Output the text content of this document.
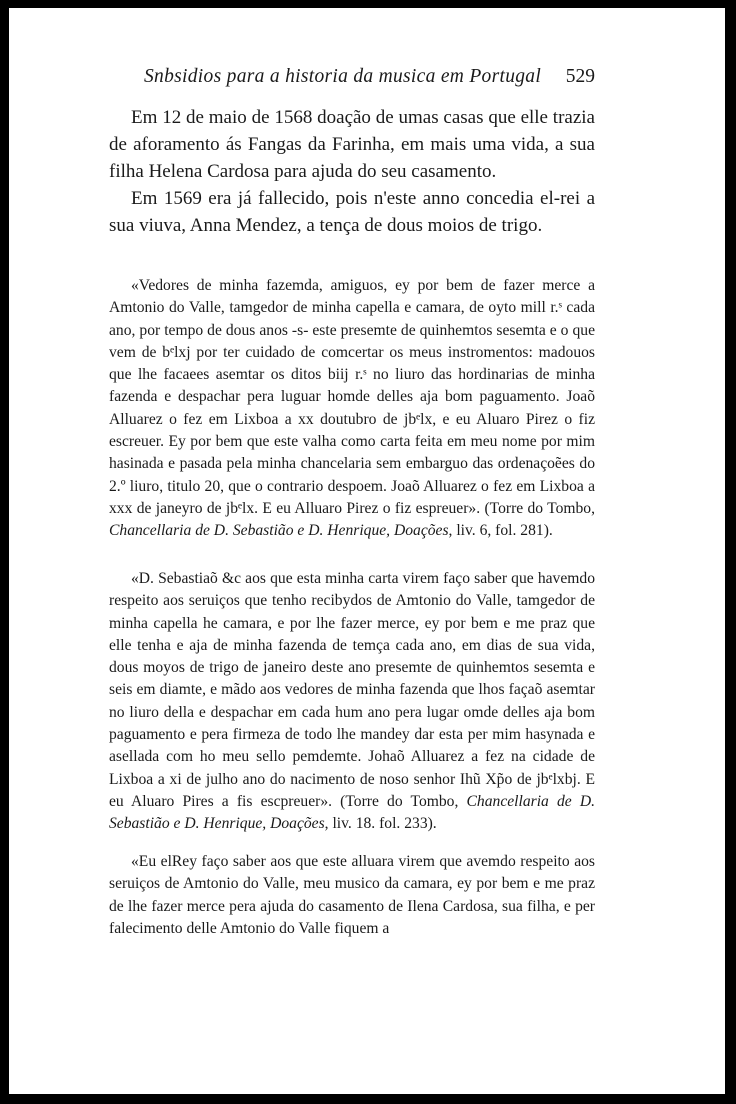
Snbsidios para a historia da musica em Portugal 529

Em 12 de maio de 1568 doação de umas casas que elle trazia de aforamento ás Fangas da Farinha, em mais uma vida, a sua filha Helena Cardosa para ajuda do seu casamento.

Em 1569 era já fallecido, pois n'este anno concedia el-rei a sua viuva, Anna Mendez, a tença de dous moios de trigo.

«Vedores de minha fazemda, amiguos, ey por bem de fazer merce a Amtonio do Valle, tamgedor de minha capella e camara, de oyto mill r.ˢ cada ano, por tempo de dous anos -s- este presemte de quinhemtos sesemta e o que vem de bᵉlxj por ter cuidado de comcertar os meus instromentos: madouos que lhe facaees asemtar os ditos biij r.ˢ no liuro das hordinarias de minha fazenda e despachar pera luguar homde delles aja bom paguamento. Joaõ Alluarez o fez em Lixboa a xx doutubro de jbᵉlx, e eu Aluaro Pirez o fiz escreuer. Ey por bem que este valha como carta feita em meu nome por mim hasinada e pasada pela minha chancelaria sem embarguo das ordenaçoẽes do 2.º liuro, titulo 20, que o contrario despoem. Joaõ Alluarez o fez em Lixboa a xxx de janeyro de jbᵉlx. E eu Alluaro Pirez o fiz espreuer». (Torre do Tombo, Chancellaria de D. Sebastião e D. Henrique, Doações, liv. 6, fol. 281).

«D. Sebastiaõ &c aos que esta minha carta virem faço saber que havemdo respeito aos seruiços que tenho recibydos de Amtonio do Valle, tamgedor de minha capella he camara, e por lhe fazer merce, ey por bem e me praz que elle tenha e aja de minha fazenda de temça cada ano, em dias de sua vida, dous moyos de trigo de janeiro deste ano presemte de quinhemtos sesemta e seis em diamte, e mãdo aos vedores de minha fazenda que lhos façaõ asemtar no liuro della e despachar em cada hum ano pera lugar omde delles aja bom paguamento e pera firmeza de todo lhe mandey dar esta per mim hasynada e asellada com ho meu sello pemdemte. Johaõ Alluarez a fez na cidade de Lixboa a xi de julho ano do nacimento de noso senhor Ihũ Xp̃o de jbᵉlxbj. E eu Aluaro Pires a fis escpreuer». (Torre do Tombo, Chancellaria de D. Sebastião e D. Henrique, Doações, liv. 18. fol. 233).

«Eu elRey faço saber aos que este alluara virem que avemdo respeito aos seruiços de Amtonio do Valle, meu musico da camara, ey por bem e me praz de lhe fazer merce pera ajuda do casamento de Ilena Cardosa, sua filha, e per falecimento delle Amtonio do Valle fiquem a
